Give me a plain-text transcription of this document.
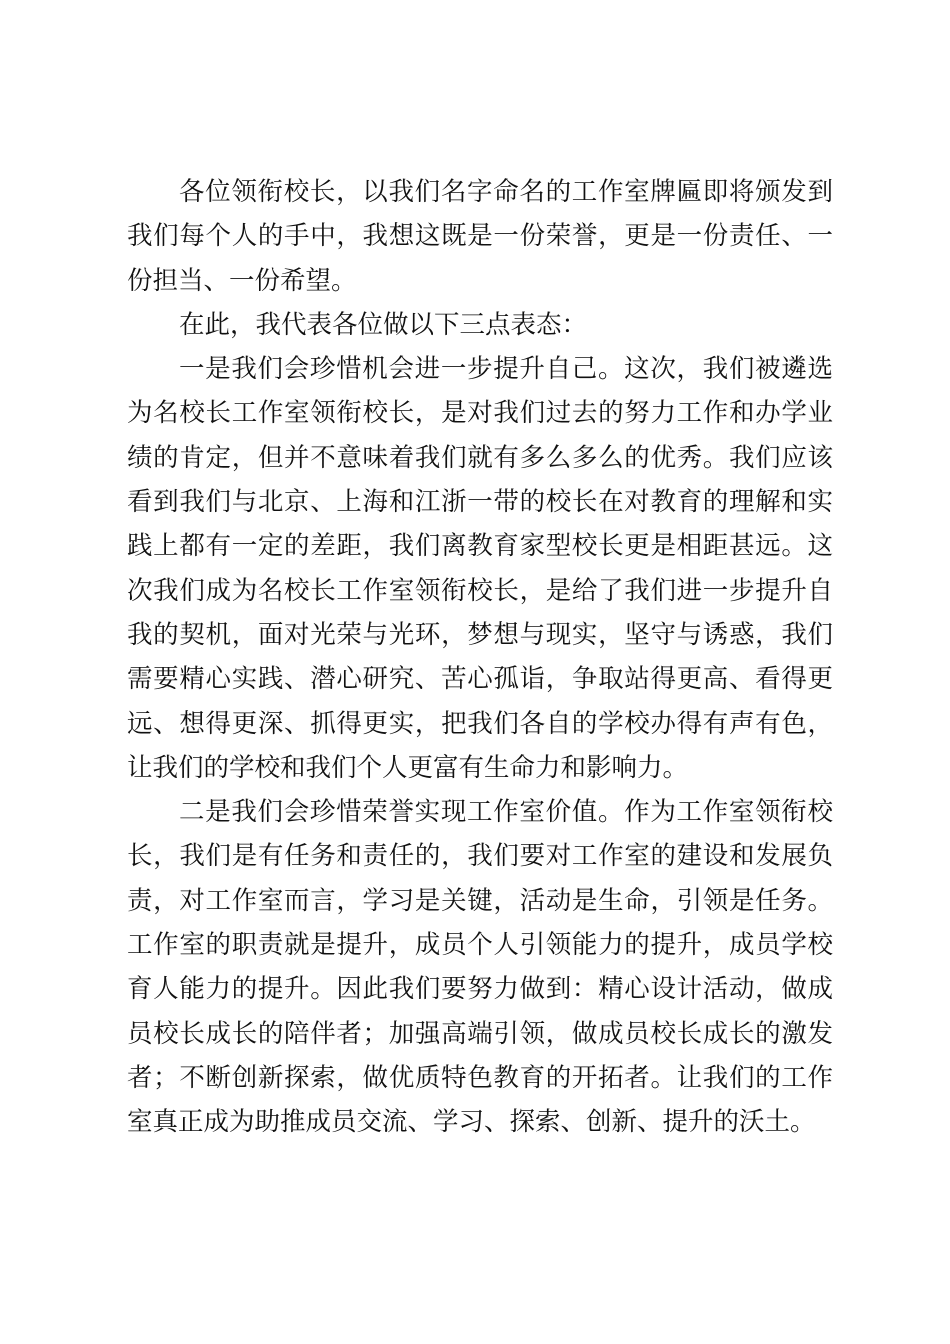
各位领衔校长，以我们名字命名的工作室牌匾即将颁发到
我们每个人的手中，我想这既是一份荣誉，更是一份责任、一
份担当、一份希望。
在此，我代表各位做以下三点表态：
一是我们会珍惜机会进一步提升自己。这次，我们被遴选
为名校长工作室领衔校长，是对我们过去的努力工作和办学业
绩的肯定，但并不意味着我们就有多么多么的优秀。我们应该
看到我们与北京、上海和江浙一带的校长在对教育的理解和实
践上都有一定的差距，我们离教育家型校长更是相距甚远。这
次我们成为名校长工作室领衔校长，是给了我们进一步提升自
我的契机，面对光荣与光环，梦想与现实，坚守与诱惑，我们
需要精心实践、潜心研究、苦心孤诣，争取站得更高、看得更
远、想得更深、抓得更实，把我们各自的学校办得有声有色，
让我们的学校和我们个人更富有生命力和影响力。
二是我们会珍惜荣誉实现工作室价值。作为工作室领衔校
长，我们是有任务和责任的，我们要对工作室的建设和发展负
责，对工作室而言，学习是关键，活动是生命，引领是任务。
工作室的职责就是提升，成员个人引领能力的提升，成员学校
育人能力的提升。因此我们要努力做到：精心设计活动，做成
员校长成长的陪伴者；加强高端引领，做成员校长成长的激发
者；不断创新探索，做优质特色教育的开拓者。让我们的工作
室真正成为助推成员交流、学习、探索、创新、提升的沃土。
